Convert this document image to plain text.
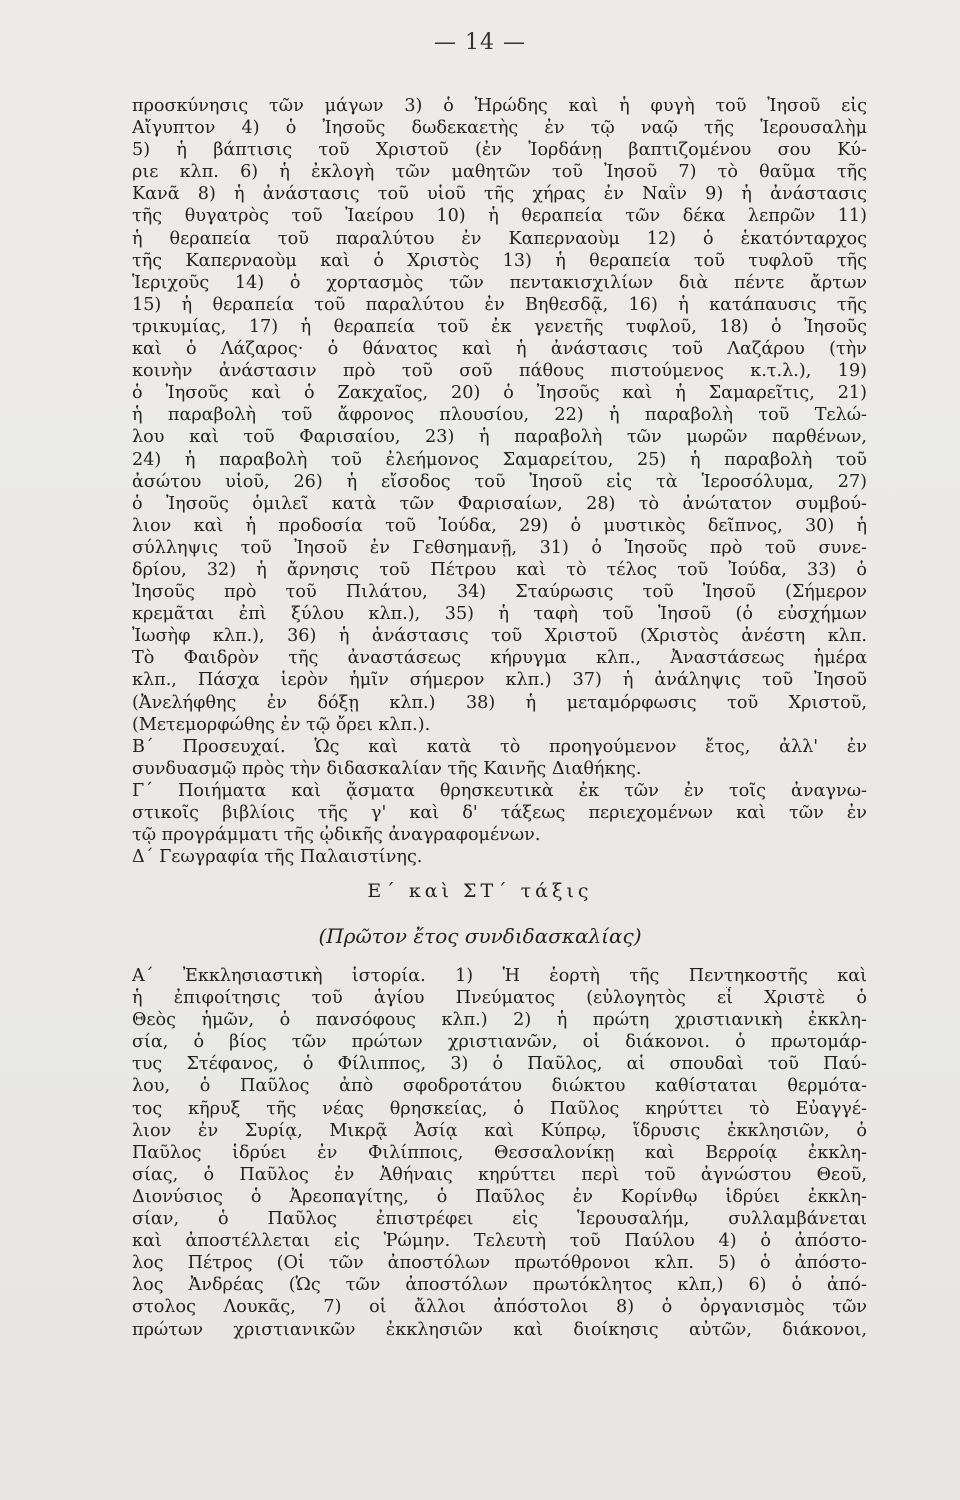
— 14 —
προσκύνησις τῶν μάγων 3) ὁ Ἡρώδης καὶ ἡ φυγὴ τοῦ Ἰησοῦ εἰς
Αἴγυπτον 4) ὁ Ἰησοῦς δωδεκαετὴς ἐν τῷ ναῷ τῆς Ἱερουσαλὴμ
5) ἡ βάπτισις τοῦ Χριστοῦ (ἐν Ἰορδάνῃ βαπτιζομένου σου Κύ-
ριε κλπ. 6) ἡ ἐκλογὴ τῶν μαθητῶν τοῦ Ἰησοῦ 7) τὸ θαῦμα τῆς
Κανᾶ 8) ἡ ἀνάστασις τοῦ υἱοῦ τῆς χήρας ἐν Ναῒν 9) ἡ ἀνάστασις
τῆς θυγατρὸς τοῦ Ἰαείρου 10) ἡ θεραπεία τῶν δέκα λεπρῶν 11)
ἡ θεραπεία τοῦ παραλύτου ἐν Καπερναοὺμ 12) ὁ ἑκατόνταρχος
τῆς Καπερναοὺμ καὶ ὁ Χριστὸς 13) ἡ θεραπεία τοῦ τυφλοῦ τῆς
Ἱεριχοῦς 14) ὁ χορτασμὸς τῶν πεντακισχιλίων διὰ πέντε ἄρτων
15) ἡ θεραπεία τοῦ παραλύτου ἐν Βηθεσδᾷ, 16) ἡ κατάπαυσις τῆς
τρικυμίας, 17) ἡ θεραπεία τοῦ ἐκ γενετῆς τυφλοῦ, 18) ὁ Ἰησοῦς
καὶ ὁ Λάζαρος· ὁ θάνατος καὶ ἡ ἀνάστασις τοῦ Λαζάρου (τὴν
κοινὴν ἀνάστασιν πρὸ τοῦ σοῦ πάθους πιστούμενος κ.τ.λ.), 19)
ὁ Ἰησοῦς καὶ ὁ Ζακχαῖος, 20) ὁ Ἰησοῦς καὶ ἡ Σαμαρεῖτις, 21)
ἡ παραβολὴ τοῦ ἄφρονος πλουσίου, 22) ἡ παραβολὴ τοῦ Τελώ-
λου καὶ τοῦ Φαρισαίου, 23) ἡ παραβολὴ τῶν μωρῶν παρθένων,
24) ἡ παραβολὴ τοῦ ἐλεήμονος Σαμαρείτου, 25) ἡ παραβολὴ τοῦ
ἀσώτου υἱοῦ, 26) ἡ εἴσοδος τοῦ Ἰησοῦ εἰς τὰ Ἱεροσόλυμα, 27)
ὁ Ἰησοῦς ὁμιλεῖ κατὰ τῶν Φαρισαίων, 28) τὸ ἀνώτατον συμβού-
λιον καὶ ἡ προδοσία τοῦ Ἰούδα, 29) ὁ μυστικὸς δεῖπνος, 30) ἡ
σύλληψις τοῦ Ἰησοῦ ἐν Γεθσημανῇ, 31) ὁ Ἰησοῦς πρὸ τοῦ συνε-
δρίου, 32) ἡ ἄρνησις τοῦ Πέτρου καὶ τὸ τέλος τοῦ Ἰούδα, 33) ὁ
Ἰησοῦς πρὸ τοῦ Πιλάτου, 34) Σταύρωσις τοῦ Ἰησοῦ (Σήμερον
κρεμᾶται ἐπὶ ξύλου κλπ.), 35) ἡ ταφὴ τοῦ Ἰησοῦ (ὁ εὐσχήμων
Ἰωσὴφ κλπ.), 36) ἡ ἀνάστασις τοῦ Χριστοῦ (Χριστὸς ἀνέστη κλπ.
Τὸ Φαιδρὸν τῆς ἀναστάσεως κήρυγμα κλπ., Ἀναστάσεως ἡμέρα
κλπ., Πάσχα ἱερὸν ἡμῖν σήμερον κλπ.) 37) ἡ ἀνάληψις τοῦ Ἰησοῦ
(Ἀνελήφθης ἐν δόξῃ κλπ.) 38) ἡ μεταμόρφωσις τοῦ Χριστοῦ,
(Μετεμορφώθης ἐν τῷ ὄρει κλπ.).
Β΄ Προσευχαί. Ὡς καὶ κατὰ τὸ προηγούμενον ἔτος, ἀλλ' ἐν
συνδυασμῷ πρὸς τὴν διδασκαλίαν τῆς Καινῆς Διαθήκης.
Γ΄ Ποιήματα καὶ ᾄσματα θρησκευτικὰ ἐκ τῶν ἐν τοῖς ἀναγνω-
στικοῖς βιβλίοις τῆς γ' καὶ δ' τάξεως περιεχομένων καὶ τῶν ἐν
τῷ προγράμματι τῆς ᾠδικῆς ἀναγραφομένων.
Δ΄ Γεωγραφία τῆς Παλαιστίνης.
Ε΄ καὶ ΣΤ΄ τάξις
(Πρῶτον ἔτος συνδιδασκαλίας)
Α΄ Ἐκκλησιαστικὴ ἱστορία. 1) Ἡ ἑορτὴ τῆς Πεντηκοστῆς καὶ
ἡ ἐπιφοίτησις τοῦ ἁγίου Πνεύματος (εὐλογητὸς εἶ Χριστὲ ὁ
Θεὸς ἡμῶν, ὁ πανσόφους κλπ.) 2) ἡ πρώτη χριστιανικὴ ἐκκλη-
σία, ὁ βίος τῶν πρώτων χριστιανῶν, οἱ διάκονοι. ὁ πρωτομάρ-
τυς Στέφανος, ὁ Φίλιππος, 3) ὁ Παῦλος, αἱ σπουδαὶ τοῦ Παύ-
λου, ὁ Παῦλος ἀπὸ σφοδροτάτου διώκτου καθίσταται θερμότα-
τος κῆρυξ τῆς νέας θρησκείας, ὁ Παῦλος κηρύττει τὸ Εὐαγγέ-
λιον ἐν Συρίᾳ, Μικρᾷ Ἀσίᾳ καὶ Κύπρῳ, ἵδρυσις ἐκκλησιῶν, ὁ
Παῦλος ἱδρύει ἐν Φιλίπποις, Θεσσαλονίκῃ καὶ Βερροίᾳ ἐκκλη-
σίας, ὁ Παῦλος ἐν Ἀθήναις κηρύττει περὶ τοῦ ἀγνώστου Θεοῦ,
Διονύσιος ὁ Ἀρεοπαγίτης, ὁ Παῦλος ἐν Κορίνθῳ ἱδρύει ἐκκλη-
σίαν, ὁ Παῦλος ἐπιστρέφει εἰς Ἱερουσαλήμ, συλλαμβάνεται
καὶ ἀποστέλλεται εἰς Ῥώμην. Τελευτὴ τοῦ Παύλου 4) ὁ ἀπόστο-
λος Πέτρος (Οἱ τῶν ἀποστόλων πρωτόθρονοι κλπ. 5) ὁ ἀπόστο-
λος Ἀνδρέας (Ὡς τῶν ἀποστόλων πρωτόκλητος κλπ,) 6) ὁ ἀπό-
στολος Λουκᾶς, 7) οἱ ἄλλοι ἀπόστολοι 8) ὁ ὀργανισμὸς τῶν
πρώτων χριστιανικῶν ἐκκλησιῶν καὶ διοίκησις αὐτῶν, διάκονοι,
